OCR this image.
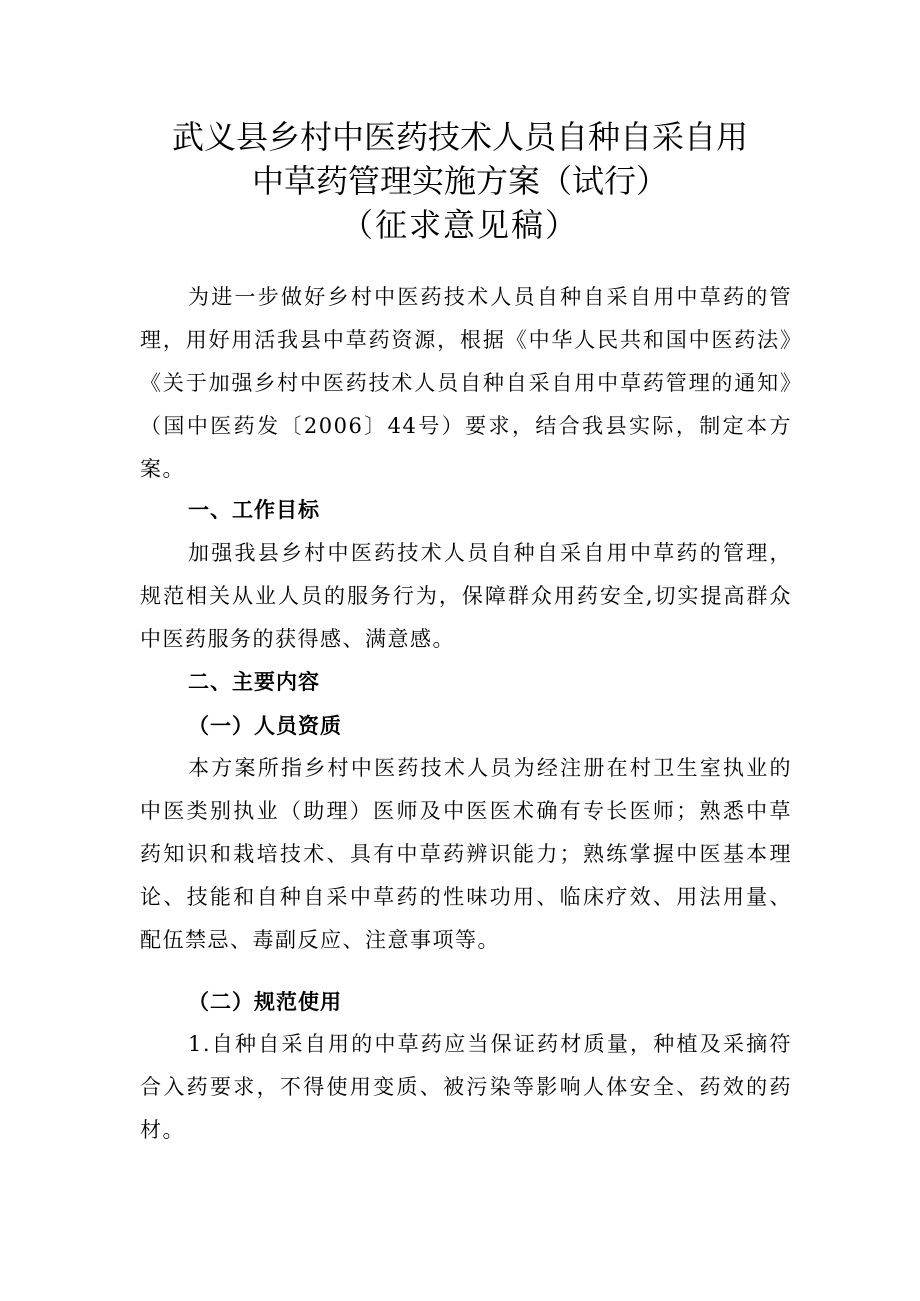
武义县乡村中医药技术人员自种自采自用
中草药管理实施方案（试行）
（征求意见稿）

为进一步做好乡村中医药技术人员自种自采自用中草药的管理，用好用活我县中草药资源，根据《中华人民共和国中医药法》《关于加强乡村中医药技术人员自种自采自用中草药管理的通知》（国中医药发〔2006〕44号）要求，结合我县实际，制定本方案。

一、工作目标

加强我县乡村中医药技术人员自种自采自用中草药的管理，规范相关从业人员的服务行为，保障群众用药安全,切实提高群众中医药服务的获得感、满意感。

二、主要内容
（一）人员资质

本方案所指乡村中医药技术人员为经注册在村卫生室执业的中医类别执业（助理）医师及中医医术确有专长医师；熟悉中草药知识和栽培技术、具有中草药辨识能力；熟练掌握中医基本理论、技能和自种自采中草药的性味功用、临床疗效、用法用量、配伍禁忌、毒副反应、注意事项等。

（二）规范使用

1.自种自采自用的中草药应当保证药材质量，种植及采摘符合入药要求，不得使用变质、被污染等影响人体安全、药效的药材。
